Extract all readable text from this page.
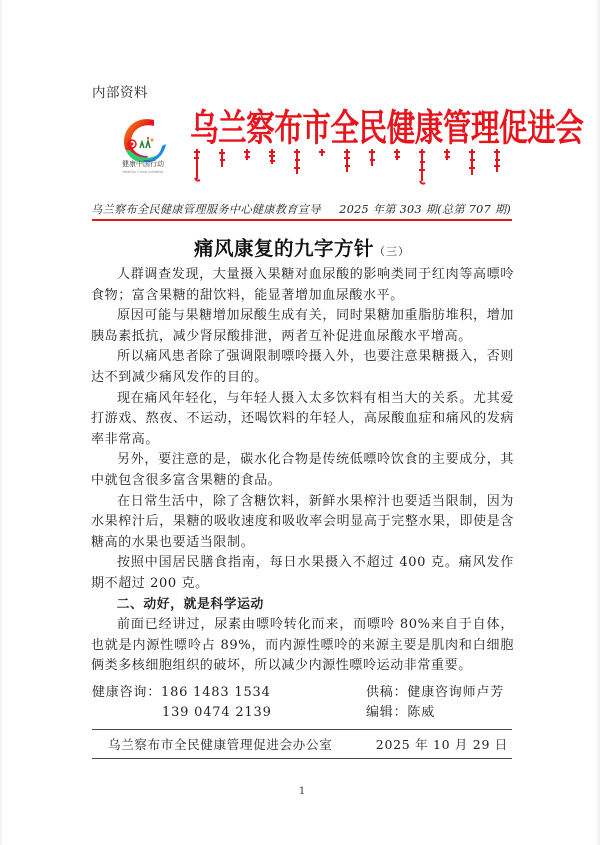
内部资料
健康中国行动
Healthy China Initiative
乌兰察布市全民健康管理促进会
乌兰察布全民健康管理服务中心健康教育宣导 2025 年第 303 期(总第 707 期)
痛风康复的九字方针（三）

人群调查发现，大量摄入果糖对血尿酸的影响类同于红肉等高嘌呤食物；富含果糖的甜饮料，能显著增加血尿酸水平。

原因可能与果糖增加尿酸生成有关，同时果糖加重脂肪堆积，增加胰岛素抵抗，减少肾尿酸排泄，两者互补促进血尿酸水平增高。

所以痛风患者除了强调限制嘌呤摄入外，也要注意果糖摄入，否则达不到减少痛风发作的目的。

现在痛风年轻化，与年轻人摄入太多饮料有相当大的关系。尤其爱打游戏、熬夜、不运动，还喝饮料的年轻人，高尿酸血症和痛风的发病率非常高。

另外，要注意的是，碳水化合物是传统低嘌呤饮食的主要成分，其中就包含很多富含果糖的食品。

在日常生活中，除了含糖饮料，新鲜水果榨汁也要适当限制，因为水果榨汁后，果糖的吸收速度和吸收率会明显高于完整水果，即使是含糖高的水果也要适当限制。

按照中国居民膳食指南，每日水果摄入不超过 400 克。痛风发作期不超过 200 克。

二、动好，就是科学运动

前面已经讲过，尿素由嘌呤转化而来，而嘌呤 80%来自于自体，也就是内源性嘌呤占 89%，而内源性嘌呤的来源主要是肌肉和白细胞俩类多核细胞组织的破坏，所以减少内源性嘌呤运动非常重要。

健康咨询： 186 1483 1534
139 0474 2139
供稿： 健康咨询师卢芳
编辑： 陈威
乌兰察布市全民健康管理促进会办公室	2025 年 10 月 29 日
1
